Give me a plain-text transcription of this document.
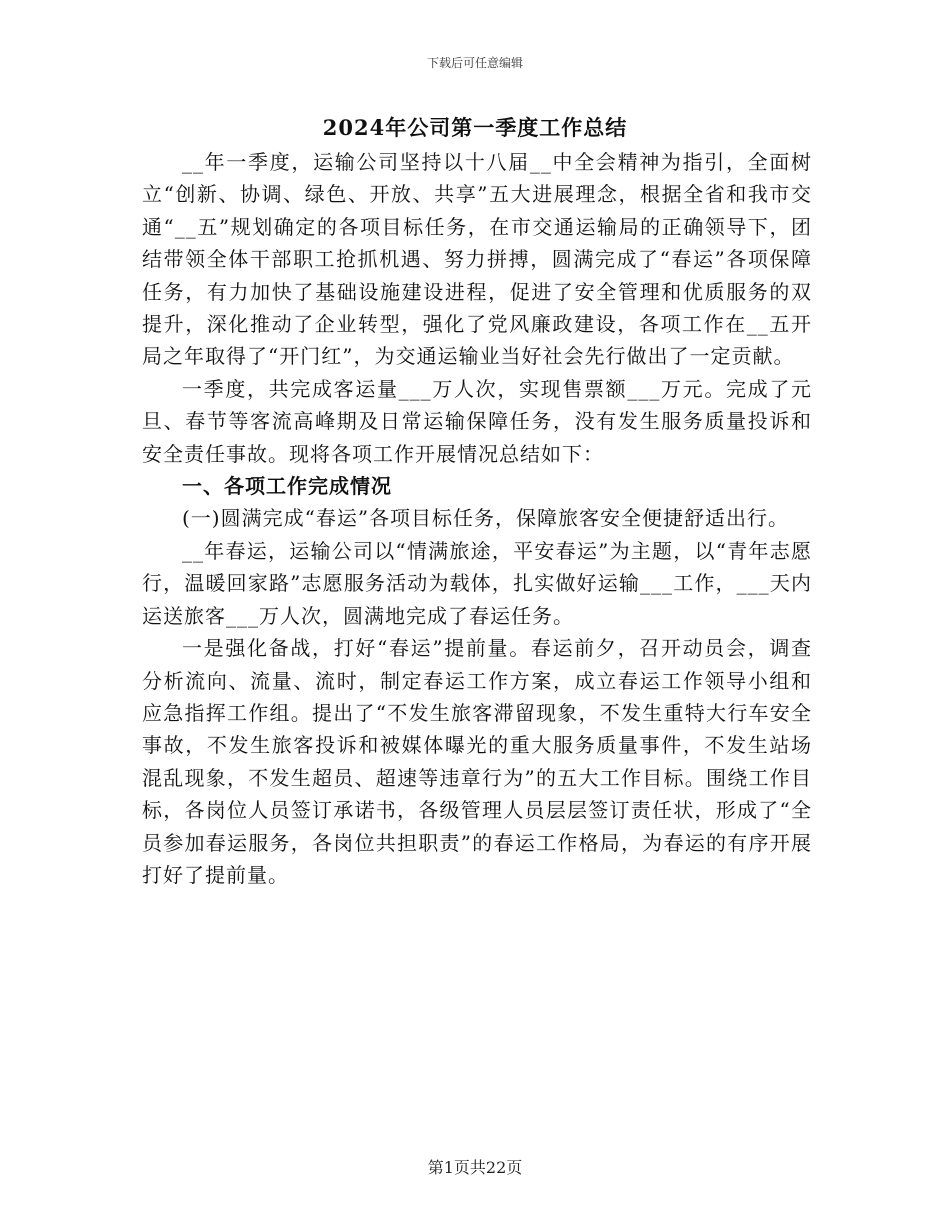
下载后可任意编辑
2024年公司第一季度工作总结

__年一季度，运输公司坚持以十八届__中全会精神为指引，全面树立“创新、协调、绿色、开放、共享”五大进展理念，根据全省和我市交通“__五”规划确定的各项目标任务，在市交通运输局的正确领导下，团结带领全体干部职工抢抓机遇、努力拼搏，圆满完成了“春运”各项保障任务，有力加快了基础设施建设进程，促进了安全管理和优质服务的双提升，深化推动了企业转型，强化了党风廉政建设，各项工作在__五开局之年取得了“开门红”，为交通运输业当好社会先行做出了一定贡献。

一季度，共完成客运量___万人次，实现售票额___万元。完成了元旦、春节等客流高峰期及日常运输保障任务，没有发生服务质量投诉和安全责任事故。现将各项工作开展情况总结如下：

一、各项工作完成情况

(一)圆满完成“春运”各项目标任务，保障旅客安全便捷舒适出行。

__年春运，运输公司以“情满旅途，平安春运”为主题，以“青年志愿行，温暖回家路”志愿服务活动为载体，扎实做好运输___工作，___天内运送旅客___万人次，圆满地完成了春运任务。

一是强化备战，打好“春运”提前量。春运前夕，召开动员会，调查分析流向、流量、流时，制定春运工作方案，成立春运工作领导小组和应急指挥工作组。提出了“不发生旅客滞留现象，不发生重特大行车安全事故，不发生旅客投诉和被媒体曝光的重大服务质量事件，不发生站场混乱现象，不发生超员、超速等违章行为”的五大工作目标。围绕工作目标，各岗位人员签订承诺书，各级管理人员层层签订责任状，形成了“全员参加春运服务，各岗位共担职责”的春运工作格局，为春运的有序开展打好了提前量。

第1页共22页
